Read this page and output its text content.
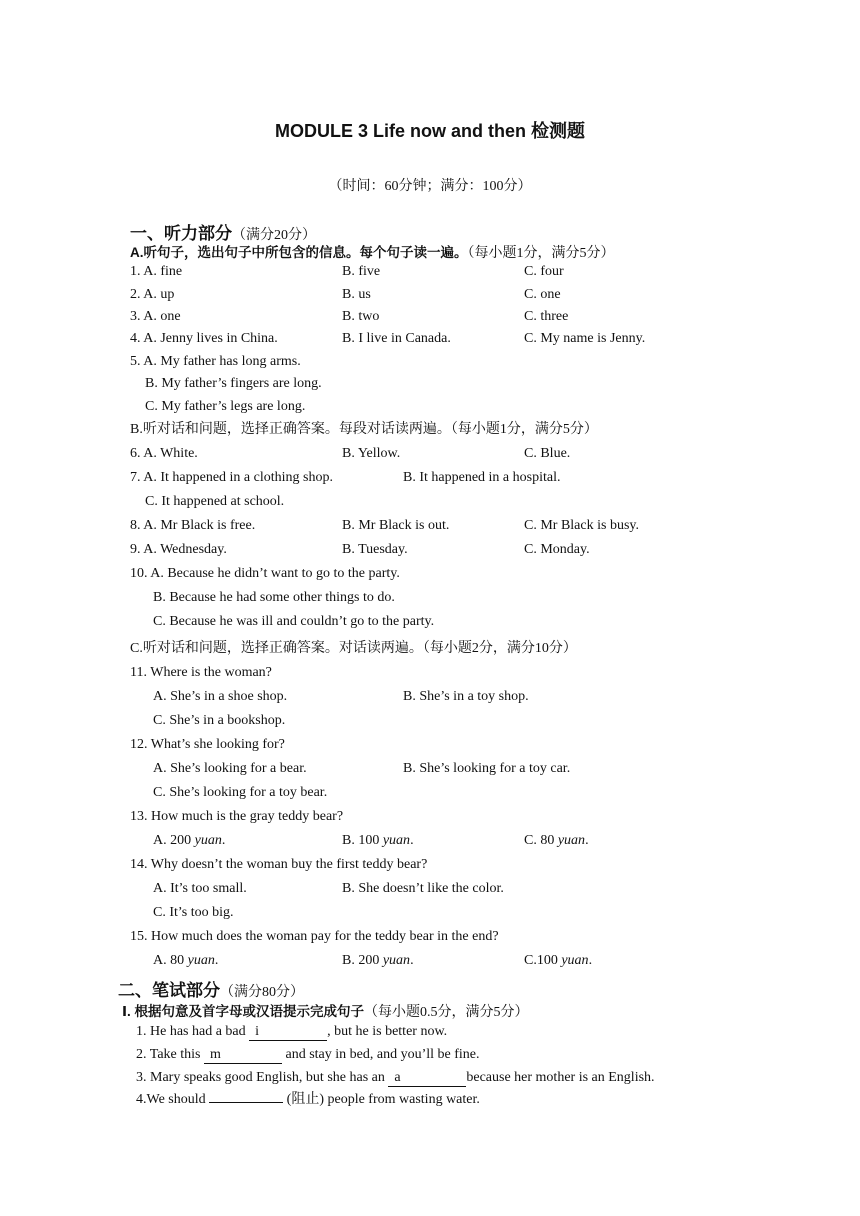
MODULE 3 Life now and then 检测题
（时间：60分钟；满分：100分）
一、听力部分（满分20分）
A.听句子，选出句子中所包含的信息。每个句子读一遍。（每小题1分，满分5分）
1. A. fine	B. five	C. four
2. A. up	B. us	C. one
3. A. one	B. two	C. three
4. A. Jenny lives in China.	B. I live in Canada.	C. My name is Jenny.
5. A. My father has long arms.
B. My father’s fingers are long.
C. My father’s legs are long.
B.听对话和问题，选择正确答案。每段对话读两遍。（每小题1分，满分5分）
6. A. White.	B. Yellow.	C. Blue.
7. A. It happened in a clothing shop.	B. It happened in a hospital.
C. It happened at school.
8. A. Mr Black is free.	B. Mr Black is out.	C. Mr Black is busy.
9. A. Wednesday.	B. Tuesday.	C. Monday.
10. A. Because he didn’t want to go to the party.
B. Because he had some other things to do.
C. Because he was ill and couldn’t go to the party.
C.听对话和问题，选择正确答案。对话读两遍。（每小题2分，满分10分）
11. Where is the woman?
A. She’s in a shoe shop.	B. She’s in a toy shop.
C. She’s in a bookshop.
12. What’s she looking for?
A. She’s looking for a bear.	B. She’s looking for a toy car.
C. She’s looking for a toy bear.
13. How much is the gray teddy bear?
A. 200 yuan.	B. 100 yuan.	C. 80 yuan.
14. Why doesn’t the woman buy the first teddy bear?
A. It’s too small.	B. She doesn’t like the color.
C. It’s too big.
15. How much does the woman pay for the teddy bear in the end?
A. 80 yuan.	B. 200 yuan.	C.100 yuan.
二、笔试部分（满分80分）
Ⅰ. 根据句意及首字母或汉语提示完成句子（每小题0.5分，满分5分）
1. He has had a bad i	, but he is better now.
2. Take this m	and stay in bed, and you’ll be fine.
3. Mary speaks good English, but she has an a	because her mother is an English.
4.We should	(阻止) people from wasting water.
